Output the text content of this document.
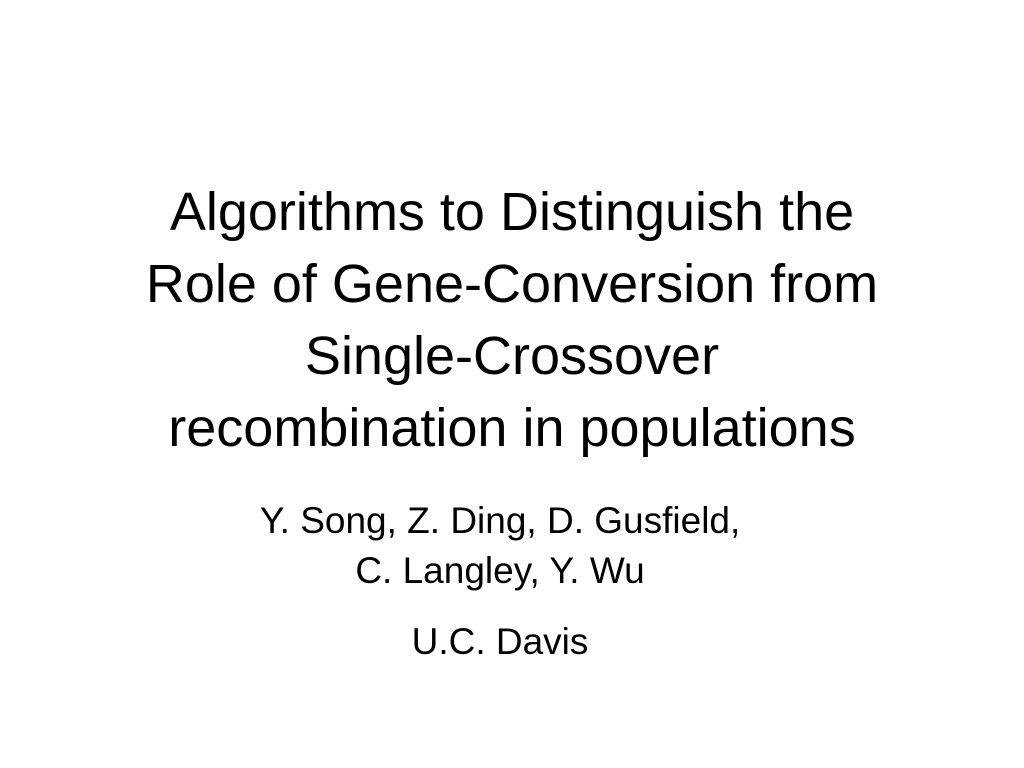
Algorithms to Distinguish the
Role of Gene-Conversion from
Single-Crossover
recombination in populations
Y. Song, Z. Ding, D. Gusfield,
C. Langley, Y. Wu
U.C. Davis
